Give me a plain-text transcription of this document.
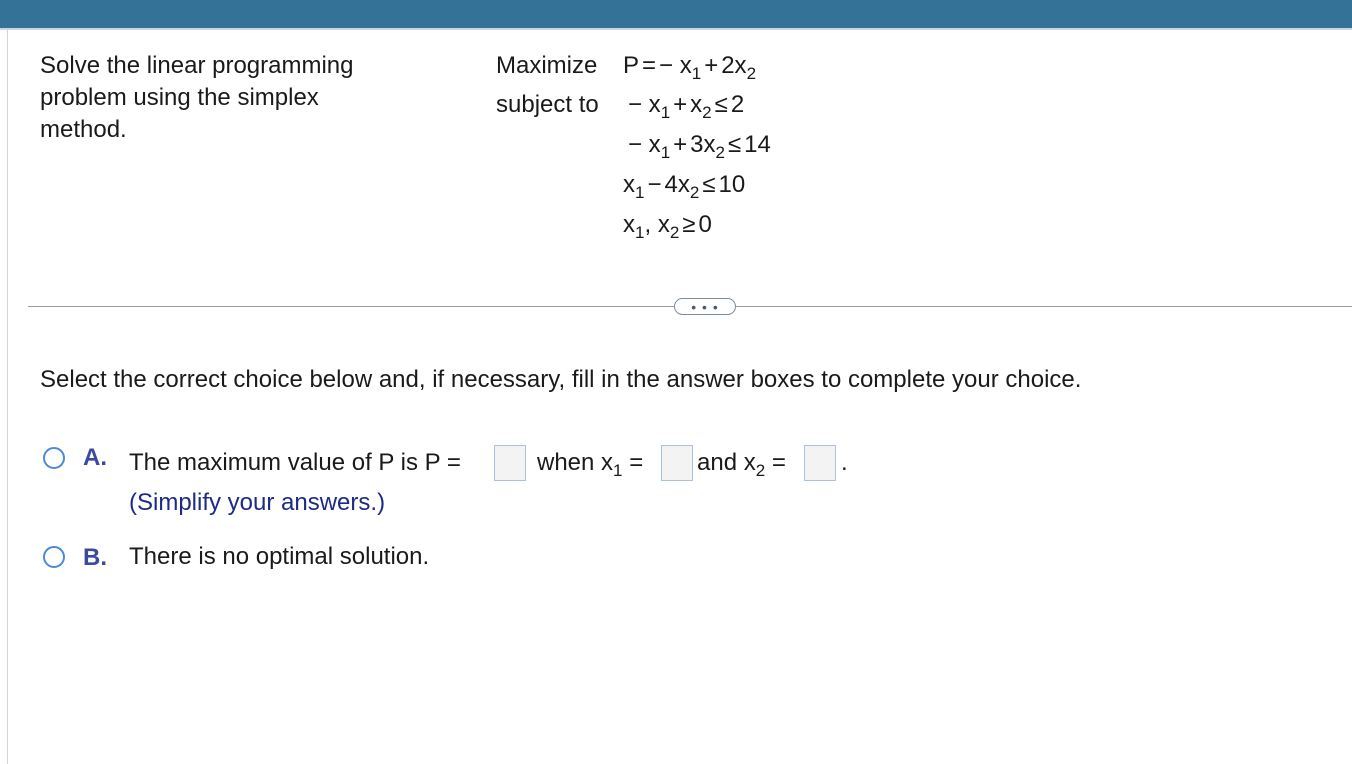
Solve the linear programming
problem using the simplex
method.
Maximize
subject to
P = − $x_1 + 2x_2$
− $x_1 + x_2 \le 2$
− $x_1 + 3x_2 \le 14$
$x_1 - 4x_2 \le 10$
$x_1$, $x_2 \ge 0$
• • •
Select the correct choice below and, if necessary, fill in the answer boxes to complete your choice.
A. The maximum value of P is P =	when $x_1$ = and $x_2$ = .
(Simplify your answers.)
B. There is no optimal solution.
